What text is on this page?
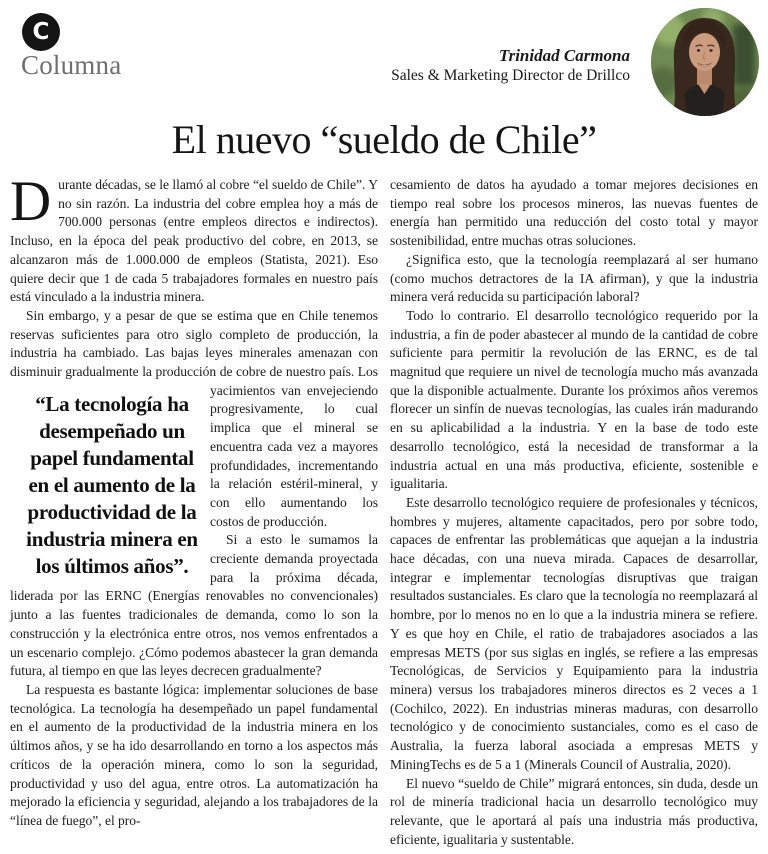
C
Columna	Trinidad Carmona
Sales & Marketing Director de Drillco
El nuevo “sueldo de Chile”

Durante décadas, se le llamó al cobre “el sueldo de Chile”. Y no sin razón. La industria del cobre emplea hoy a más de 700.000 personas (entre empleos directos e indirectos). Incluso, en la época del peak productivo del cobre, en 2013, se alcanzaron más de 1.000.000 de empleos (Statista, 2021). Eso quiere decir que 1 de cada 5 trabajadores formales en nuestro país está vinculado a la industria minera.

Sin embargo, y a pesar de que se estima que en Chile tenemos reservas suficientes para otro siglo completo de producción, la industria ha cambiado. Las bajas leyes minerales amenazan con disminuir gradualmente la producción de cobre de
“La tecnología ha desempeñado un papel fundamental en el aumento de la productividad de la industria minera en los últimos años”.
nuestro país. Los yacimientos van envejeciendo progresivamente, lo cual implica que el mineral se encuentra cada vez a mayores profundidades, incrementando la relación estéril-mineral, y con ello aumentando los costos de producción.

Si a esto le sumamos la creciente demanda proyectada para la próxima década, liderada por las ERNC (Energías renovables no convencionales) junto a las fuentes tradicionales de demanda, como lo son la construcción y la electrónica entre otros, nos vemos enfrentados a un escenario complejo. ¿Cómo podemos abastecer la gran demanda futura, al tiempo en que las leyes decrecen gradualmente?

La respuesta es bastante lógica: implementar soluciones de base tecnológica. La tecnología ha desempeñado un papel fundamental en el aumento de la productividad de la industria minera en los últimos años, y se ha ido desarrollando en torno a los aspectos más críticos de la operación minera, como lo son la seguridad, productividad y uso del agua, entre otros. La automatización ha mejorado la eficiencia y seguridad, alejando a los trabajadores de la “línea de fuego”, el pro-

cesamiento de datos ha ayudado a tomar mejores decisiones en tiempo real sobre los procesos mineros, las nuevas fuentes de energía han permitido una reducción del costo total y mayor sostenibilidad, entre muchas otras soluciones.

¿Significa esto, que la tecnología reemplazará al ser humano (como muchos detractores de la IA afirman), y que la industria minera verá reducida su participación laboral?

Todo lo contrario. El desarrollo tecnológico requerido por la industria, a fin de poder abastecer al mundo de la cantidad de cobre suficiente para permitir la revolución de las ERNC, es de tal magnitud que requiere un nivel de tecnología mucho más avanzada que la disponible actualmente. Durante los próximos años veremos florecer un sinfín de nuevas tecnologías, las cuales irán madurando en su aplicabilidad a la industria. Y en la base de todo este desarrollo tecnológico, está la necesidad de transformar a la industria actual en una más productiva, eficiente, sostenible e igualitaria.

Este desarrollo tecnológico requiere de profesionales y técnicos, hombres y mujeres, altamente capacitados, pero por sobre todo, capaces de enfrentar las problemáticas que aquejan a la industria hace décadas, con una nueva mirada. Capaces de desarrollar, integrar e implementar tecnologías disruptivas que traigan resultados sustanciales. Es claro que la tecnología no reemplazará al hombre, por lo menos no en lo que a la industria minera se refiere. Y es que hoy en Chile, el ratio de trabajadores asociados a las empresas METS (por sus siglas en inglés, se refiere a las empresas Tecnológicas, de Servicios y Equipamiento para la industria minera) versus los trabajadores mineros directos es 2 veces a 1 (Cochilco, 2022). En industrias mineras maduras, con desarrollo tecnológico y de conocimiento sustanciales, como es el caso de Australia, la fuerza laboral asociada a empresas METS y MiningTechs es de 5 a 1 (Minerals Council of Australia, 2020).

El nuevo “sueldo de Chile” migrará entonces, sin duda, desde un rol de minería tradicional hacia un desarrollo tecnológico muy relevante, que le aportará al país una industria más productiva, eficiente, igualitaria y sustentable.
